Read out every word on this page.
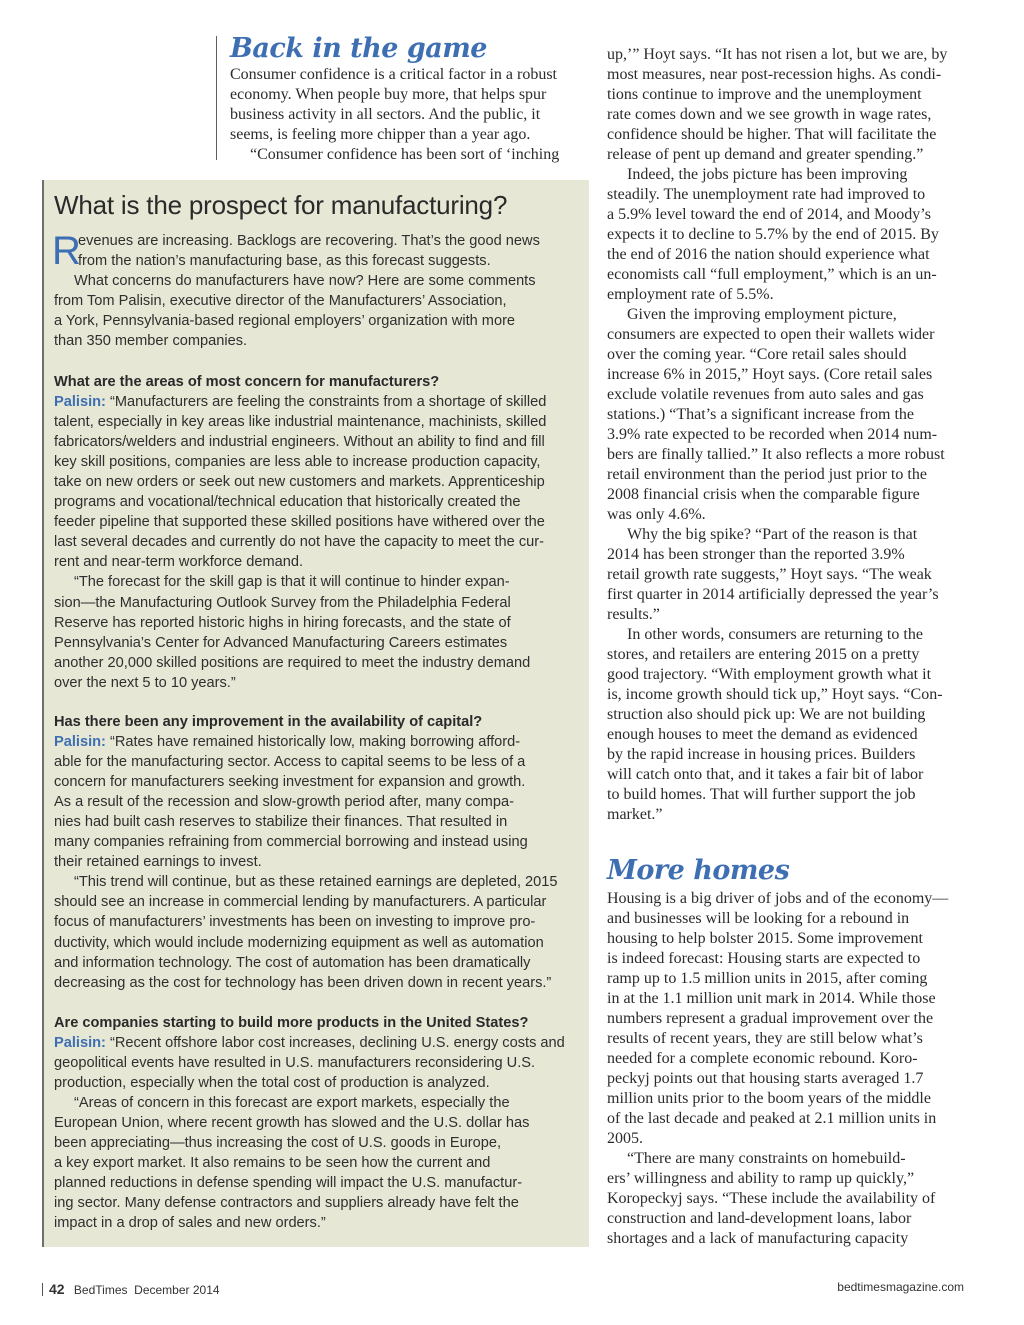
Back in the game
Consumer confidence is a critical factor in a robust
economy. When people buy more, that helps spur
business activity in all sectors. And the public, it
seems, is feeling more chipper than a year ago.
“Consumer confidence has been sort of ‘inching
What is the prospect for manufacturing?
R
evenues are increasing. Backlogs are recovering. That’s the good news
from the nation’s manufacturing base, as this forecast suggests.
What concerns do manufacturers have now? Here are some comments
from Tom Palisin, executive director of the Manufacturers’ Association,
a York, Pennsylvania-based regional employers’ organization with more
than 350 member companies.
What are the areas of most concern for manufacturers?
Palisin: “Manufacturers are feeling the constraints from a shortage of skilled
talent, especially in key areas like industrial maintenance, machinists, skilled
fabricators/welders and industrial engineers. Without an ability to find and fill
key skill positions, companies are less able to increase production capacity,
take on new orders or seek out new customers and markets. Apprenticeship
programs and vocational/technical education that historically created the
feeder pipeline that supported these skilled positions have withered over the
last several decades and currently do not have the capacity to meet the cur-
rent and near-term workforce demand.
“The forecast for the skill gap is that it will continue to hinder expan-
sion—the Manufacturing Outlook Survey from the Philadelphia Federal
Reserve has reported historic highs in hiring forecasts, and the state of
Pennsylvania’s Center for Advanced Manufacturing Careers estimates
another 20,000 skilled positions are required to meet the industry demand
over the next 5 to 10 years.”
Has there been any improvement in the availability of capital?
Palisin: “Rates have remained historically low, making borrowing afford-
able for the manufacturing sector. Access to capital seems to be less of a
concern for manufacturers seeking investment for expansion and growth.
As a result of the recession and slow-growth period after, many compa-
nies had built cash reserves to stabilize their finances. That resulted in
many companies refraining from commercial borrowing and instead using
their retained earnings to invest.
“This trend will continue, but as these retained earnings are depleted, 2015
should see an increase in commercial lending by manufacturers. A particular
focus of manufacturers’ investments has been on investing to improve pro-
ductivity, which would include modernizing equipment as well as automation
and information technology. The cost of automation has been dramatically
decreasing as the cost for technology has been driven down in recent years.”
Are companies starting to build more products in the United States?
Palisin: “Recent offshore labor cost increases, declining U.S. energy costs and
geopolitical events have resulted in U.S. manufacturers reconsidering U.S.
production, especially when the total cost of production is analyzed.
“Areas of concern in this forecast are export markets, especially the
European Union, where recent growth has slowed and the U.S. dollar has
been appreciating—thus increasing the cost of U.S. goods in Europe,
a key export market. It also remains to be seen how the current and
planned reductions in defense spending will impact the U.S. manufactur-
ing sector. Many defense contractors and suppliers already have felt the
impact in a drop of sales and new orders.”
up,’” Hoyt says. “It has not risen a lot, but we are, by
most measures, near post-recession highs. As condi-
tions continue to improve and the unemployment
rate comes down and we see growth in wage rates,
confidence should be higher. That will facilitate the
release of pent up demand and greater spending.”
Indeed, the jobs picture has been improving
steadily. The unemployment rate had improved to
a 5.9% level toward the end of 2014, and Moody’s
expects it to decline to 5.7% by the end of 2015. By
the end of 2016 the nation should experience what
economists call “full employment,” which is an un-
employment rate of 5.5%.
Given the improving employment picture,
consumers are expected to open their wallets wider
over the coming year. “Core retail sales should
increase 6% in 2015,” Hoyt says. (Core retail sales
exclude volatile revenues from auto sales and gas
stations.) “That’s a significant increase from the
3.9% rate expected to be recorded when 2014 num-
bers are finally tallied.” It also reflects a more robust
retail environment than the period just prior to the
2008 financial crisis when the comparable figure
was only 4.6%.
Why the big spike? “Part of the reason is that
2014 has been stronger than the reported 3.9%
retail growth rate suggests,” Hoyt says. “The weak
first quarter in 2014 artificially depressed the year’s
results.”
In other words, consumers are returning to the
stores, and retailers are entering 2015 on a pretty
good trajectory. “With employment growth what it
is, income growth should tick up,” Hoyt says. “Con-
struction also should pick up: We are not building
enough houses to meet the demand as evidenced
by the rapid increase in housing prices. Builders
will catch onto that, and it takes a fair bit of labor
to build homes. That will further support the job
market.”
More homes
Housing is a big driver of jobs and of the economy—
and businesses will be looking for a rebound in
housing to help bolster 2015. Some improvement
is indeed forecast: Housing starts are expected to
ramp up to 1.5 million units in 2015, after coming
in at the 1.1 million unit mark in 2014. While those
numbers represent a gradual improvement over the
results of recent years, they are still below what’s
needed for a complete economic rebound. Koro-
peckyj points out that housing starts averaged 1.7
million units prior to the boom years of the middle
of the last decade and peaked at 2.1 million units in
2005.
“There are many constraints on homebuild-
ers’ willingness and ability to ramp up quickly,”
Koropeckyj says. “These include the availability of
construction and land-development loans, labor
shortages and a lack of manufacturing capacity
42 BedTimes December 2014	bedtimesmagazine.com
